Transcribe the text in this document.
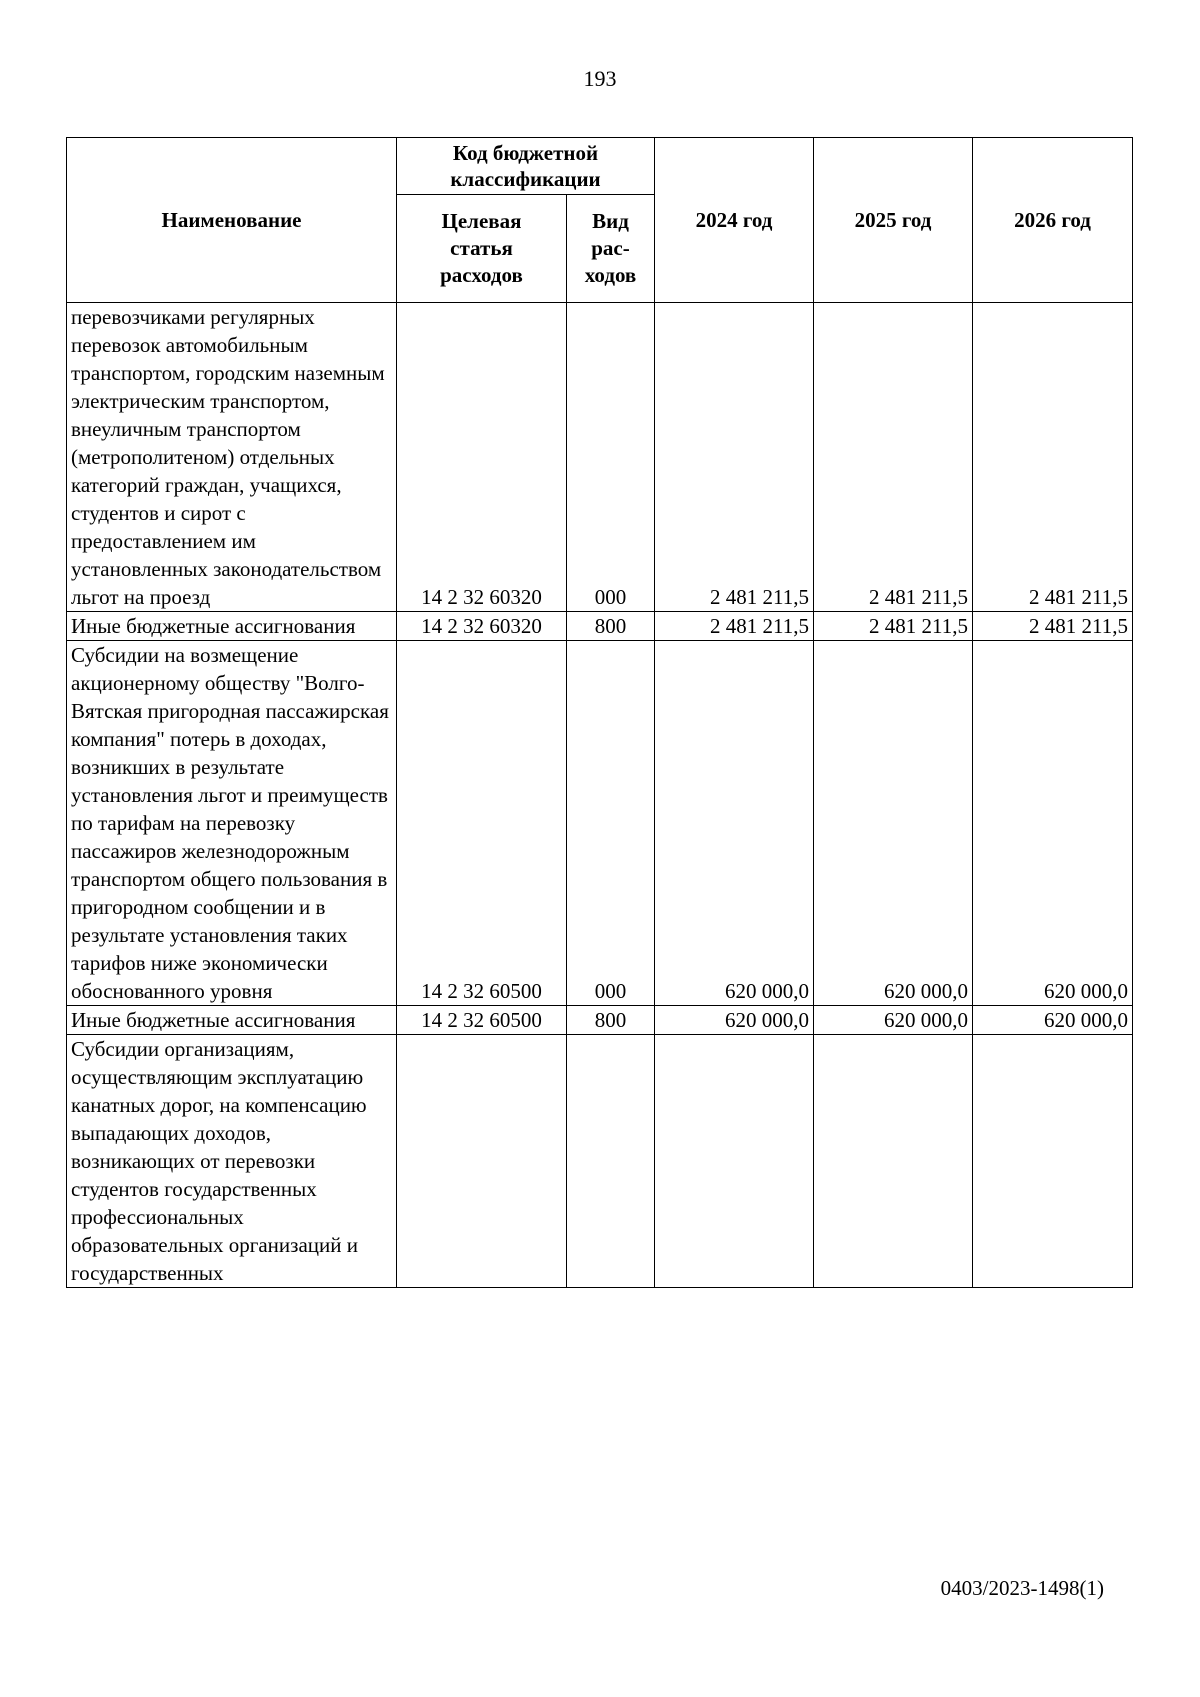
193
Наименование	Код бюджетной классификации		2024 год	2025 год	2026 год
	Целевая статья расходов	Вид
рас-
ходов			
перевозчиками регулярных перевозок автомобильным транспортом, городским наземным электрическим транспортом, внеуличным транспортом (метрополитеном) отдельных категорий граждан, учащихся, студентов и сирот с предоставлением им установленных законодательством льгот на проезд	14 2 32 60320	000	2 481 211,5	2 481 211,5	2 481 211,5
Иные бюджетные ассигнования	14 2 32 60320	800	2 481 211,5	2 481 211,5	2 481 211,5
Субсидии на возмещение акционерному обществу "Волго-Вятская пригородная пассажирская компания" потерь в доходах, возникших в результате установления льгот и преимуществ по тарифам на перевозку пассажиров железнодорожным транспортом общего пользования в пригородном сообщении и в результате установления таких тарифов ниже экономически обоснованного уровня	14 2 32 60500	000	620 000,0	620 000,0	620 000,0
Иные бюджетные ассигнования	14 2 32 60500	800	620 000,0	620 000,0	620 000,0
Субсидии организациям, осуществляющим эксплуатацию канатных дорог, на компенсацию выпадающих доходов, возникающих от перевозки студентов государственных профессиональных образовательных организаций и государственных					
0403/2023-1498(1)
